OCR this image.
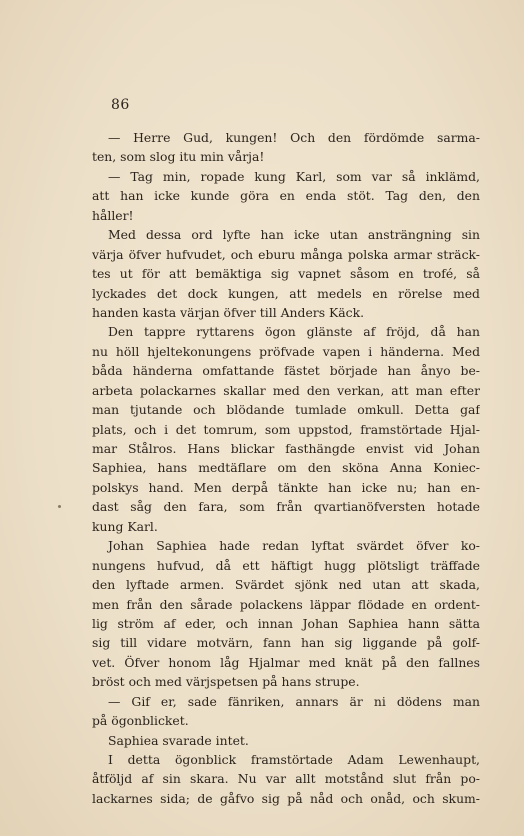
86
— Herre Gud, kungen! Och den fördömde sarma-
ten, som slog itu min vårja!
— Tag min, ropade kung Karl, som var så inklämd,
att han icke kunde göra en enda stöt. Tag den, den
håller!
Med dessa ord lyfte han icke utan ansträngning sin
värja öfver hufvudet, och eburu många polska armar sträck-
tes ut för att bemäktiga sig vapnet såsom en trofé, så
lyckades det dock kungen, att medels en rörelse med
handen kasta värjan öfver till Anders Käck.
Den tappre ryttarens ögon glänste af fröjd, då han
nu höll hjeltekonungens pröfvade vapen i händerna. Med
båda händerna omfattande fästet började han ånyo be-
arbeta polackarnes skallar med den verkan, att man efter
man tjutande och blödande tumlade omkull. Detta gaf
plats, och i det tomrum, som uppstod, framstörtade Hjal-
mar Stålros. Hans blickar fasthängde envist vid Johan
Saphiea, hans medtäflare om den sköna Anna Koniec-
polskys hand. Men derpå tänkte han icke nu; han en-
dast såg den fara, som från qvartianöfversten hotade
kung Karl.
Johan Saphiea hade redan lyftat svärdet öfver ko-
nungens hufvud, då ett häftigt hugg plötsligt träffade
den lyftade armen. Svärdet sjönk ned utan att skada,
men från den sårade polackens läppar flödade en ordent-
lig ström af eder, och innan Johan Saphiea hann sätta
sig till vidare motvärn, fann han sig liggande på golf-
vet. Öfver honom låg Hjalmar med knät på den fallnes
bröst och med värjspetsen på hans strupe.
— Gif er, sade fänriken, annars är ni dödens man
på ögonblicket.
Saphiea svarade intet.
I detta ögonblick framstörtade Adam Lewenhaupt,
åtföljd af sin skara. Nu var allt motstånd slut från po-
lackarnes sida; de gåfvo sig på nåd och onåd, och skum-
